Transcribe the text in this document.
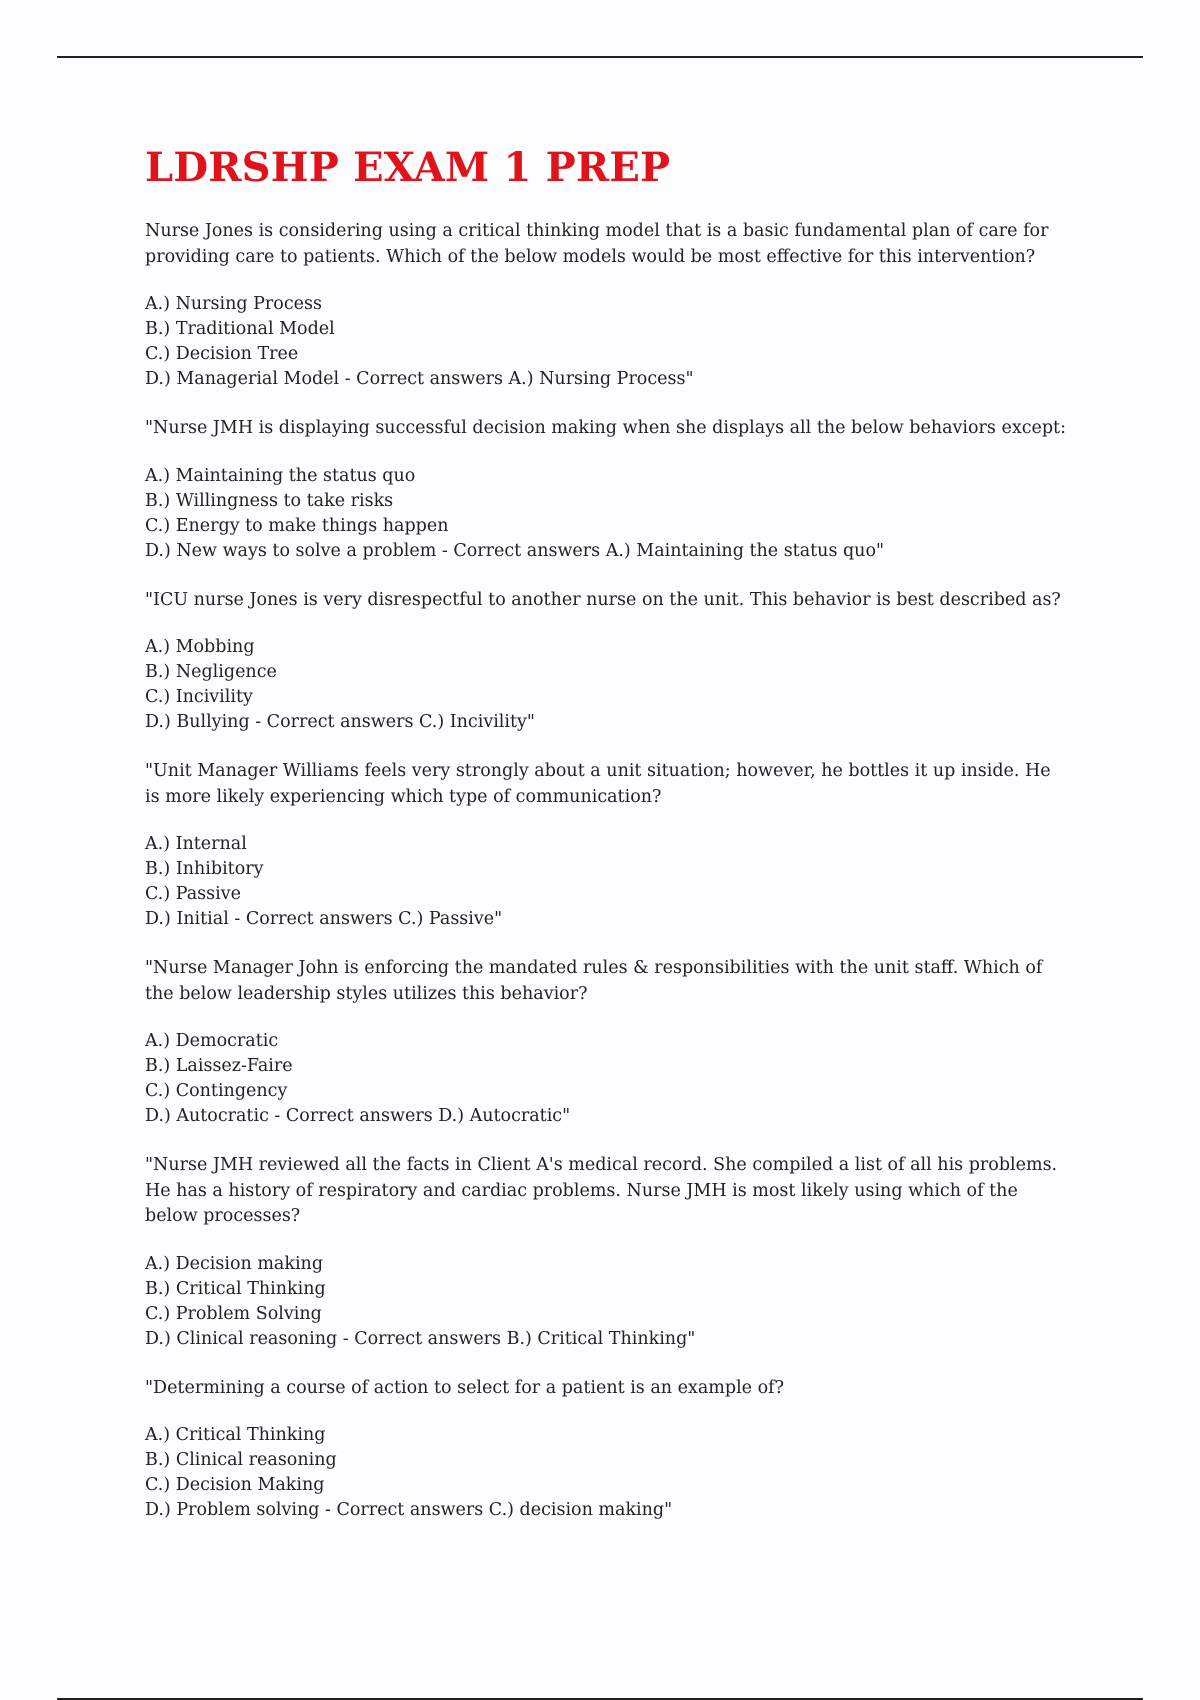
LDRSHP EXAM 1 PREP

Nurse Jones is considering using a critical thinking model that is a basic fundamental plan of care for providing care to patients. Which of the below models would be most effective for this intervention?

A.) Nursing Process
B.) Traditional Model
C.) Decision Tree
D.) Managerial Model - Correct answers A.) Nursing Process"

"Nurse JMH is displaying successful decision making when she displays all the below behaviors except:

A.) Maintaining the status quo
B.) Willingness to take risks
C.) Energy to make things happen
D.) New ways to solve a problem - Correct answers A.) Maintaining the status quo"

"ICU nurse Jones is very disrespectful to another nurse on the unit. This behavior is best described as?

A.) Mobbing
B.) Negligence
C.) Incivility
D.) Bullying - Correct answers C.) Incivility"

"Unit Manager Williams feels very strongly about a unit situation; however, he bottles it up inside. He is more likely experiencing which type of communication?

A.) Internal
B.) Inhibitory
C.) Passive
D.) Initial - Correct answers C.) Passive"

"Nurse Manager John is enforcing the mandated rules & responsibilities with the unit staff. Which of the below leadership styles utilizes this behavior?

A.) Democratic
B.) Laissez-Faire
C.) Contingency
D.) Autocratic - Correct answers D.) Autocratic"

"Nurse JMH reviewed all the facts in Client A's medical record. She compiled a list of all his problems. He has a history of respiratory and cardiac problems. Nurse JMH is most likely using which of the below processes?

A.) Decision making
B.) Critical Thinking
C.) Problem Solving
D.) Clinical reasoning - Correct answers B.) Critical Thinking"

"Determining a course of action to select for a patient is an example of?

A.) Critical Thinking
B.) Clinical reasoning
C.) Decision Making
D.) Problem solving - Correct answers C.) decision making"
